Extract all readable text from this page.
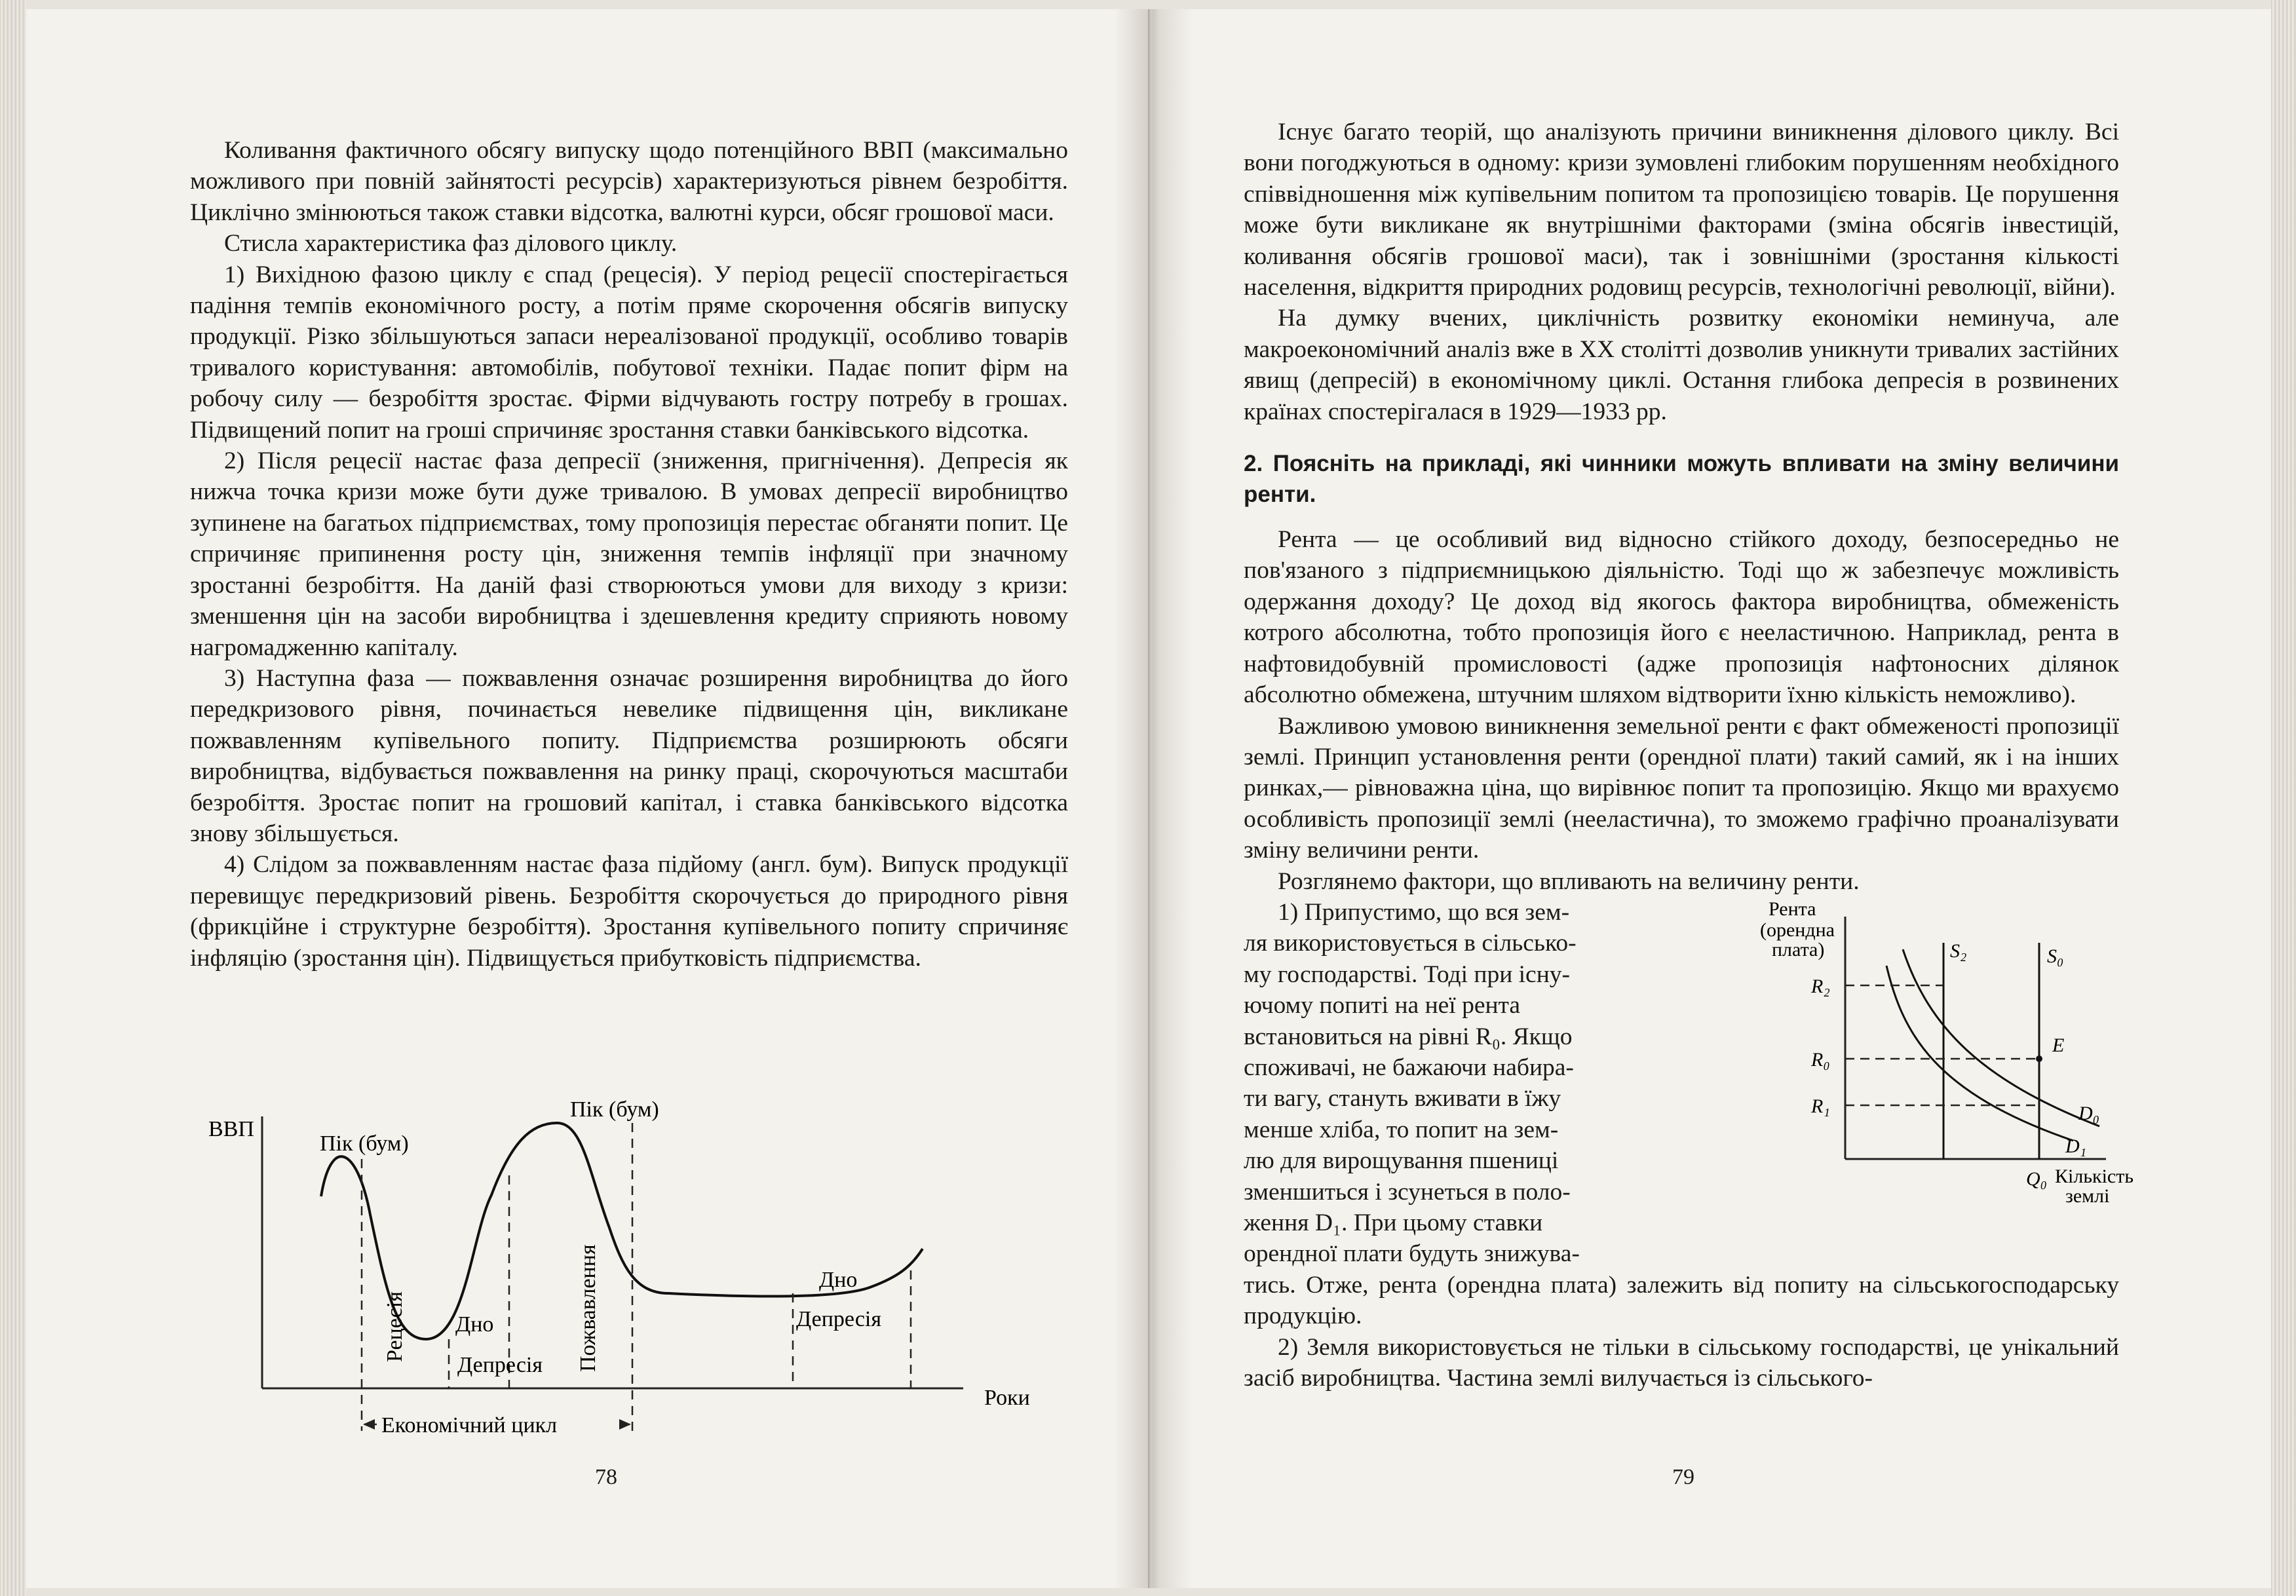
Коливання фактичного обсягу випуску щодо потенційного ВВП (максимально можливого при повній зайнятості ресурсів) характеризуються рівнем безробіття. Циклічно змінюються також ставки відсотка, валютні курси, обсяг грошової маси.

Стисла характеристика фаз ділового циклу.

1) Вихідною фазою циклу є спад (рецесія). У період рецесії спостерігається падіння темпів економічного росту, а потім пряме скорочення обсягів випуску продукції. Різко збільшуються запаси нереалізованої продукції, особливо товарів тривалого користування: автомобілів, побутової техніки. Падає попит фірм на робочу силу — безробіття зростає. Фірми відчувають гостру потребу в грошах. Підвищений попит на гроші спричиняє зростання ставки банківського відсотка.

2) Після рецесії настає фаза депресії (зниження, пригнічення). Депресія як нижча точка кризи може бути дуже тривалою. В умовах депресії виробництво зупинене на багатьох підприємствах, тому пропозиція перестає обганяти попит. Це спричиняє припинення росту цін, зниження темпів інфляції при значному зростанні безробіття. На даній фазі створюються умови для виходу з кризи: зменшення цін на засоби виробництва і здешевлення кредиту сприяють новому нагромадженню капіталу.

3) Наступна фаза — пожвавлення означає розширення виробництва до його передкризового рівня, починається невелике підвищення цін, викликане пожвавленням купівельного попиту. Підприємства розширюють обсяги виробництва, відбувається пожвавлення на ринку праці, скорочуються масштаби безробіття. Зростає попит на грошовий капітал, і ставка банківського відсотка знову збільшується.

4) Слідом за пожвавленням настає фаза підйому (англ. бум). Випуск продукції перевищує передкризовий рівень. Безробіття скорочується до природного рівня (фрикційне і структурне безробіття). Зростання купівельного попиту спричиняє інфляцію (зростання цін). Підвищується прибутковість підприємства.

ВВП
Роки
Пік (бум)
Пік (бум)
Дно
Дно
Рецесія	Пожвавлення
Депресія
Депресія
Економічний цикл
78

Існує багато теорій, що аналізують причини виникнення ділового циклу. Всі вони погоджуються в одному: кризи зумовлені глибоким порушенням необхідного співвідношення між купівельним попитом та пропозицією товарів. Це порушення може бути викликане як внутрішніми факторами (зміна обсягів інвестицій, коливання обсягів грошової маси), так і зовнішніми (зростання кількості населення, відкриття природних родовищ ресурсів, технологічні революції, війни).

На думку вчених, циклічність розвитку економіки неминуча, але макроекономічний аналіз вже в XX столітті дозволив уникнути тривалих застійних явищ (депресій) в економічному циклі. Остання глибока депресія в розвинених країнах спостерігалася в 1929—1933 рр.

2. Поясніть на прикладі, які чинники можуть впливати на зміну величини ренти.

Рента — це особливий вид відносно стійкого доходу, безпосередньо не пов'язаного з підприємницькою діяльністю. Тоді що ж забезпечує можливість одержання доходу? Це доход від якогось фактора виробництва, обмеженість котрого абсолютна, тобто пропозиція його є нееластичною. Наприклад, рента в нафтовидобувній промисловості (адже пропозиція нафтоносних ділянок абсолютно обмежена, штучним шляхом відтворити їхню кількість неможливо).

Важливою умовою виникнення земельної ренти є факт обмеженості пропозиції землі. Принцип установлення ренти (орендної плати) такий самий, як і на інших ринках,— рівноважна ціна, що вирівнює попит та пропозицію. Якщо ми врахуємо особливість пропозиції землі (нееластична), то зможемо графічно проаналізувати зміну величини ренти.

Розглянемо фактори, що впливають на величину ренти.

1) Припустимо, що вся зем-
ля використовується в сільсько-
му господарстві. Тоді при існу-
ючому попиті на неї рента
встановиться на рівні R₀. Якщо
споживачі, не бажаючи набира-
ти вагу, стануть вживати в їжу
менше хліба, то попит на зем-
лю для вирощування пшениці
зменшиться і зсунеться в поло-
ження D₁. При цьому ставки
орендної плати будуть знижува-
Рента
(орендна
плата)
R₂
R₀
R₁
S₂	S₀
E
D₀
D₁
Q₀ Кількість
землі

тись. Отже, рента (орендна плата) залежить від попиту на сільськогосподарську продукцію.

2) Земля використовується не тільки в сільському господарстві, це унікальний засіб виробництва. Частина землі вилучається із сільського-

79
